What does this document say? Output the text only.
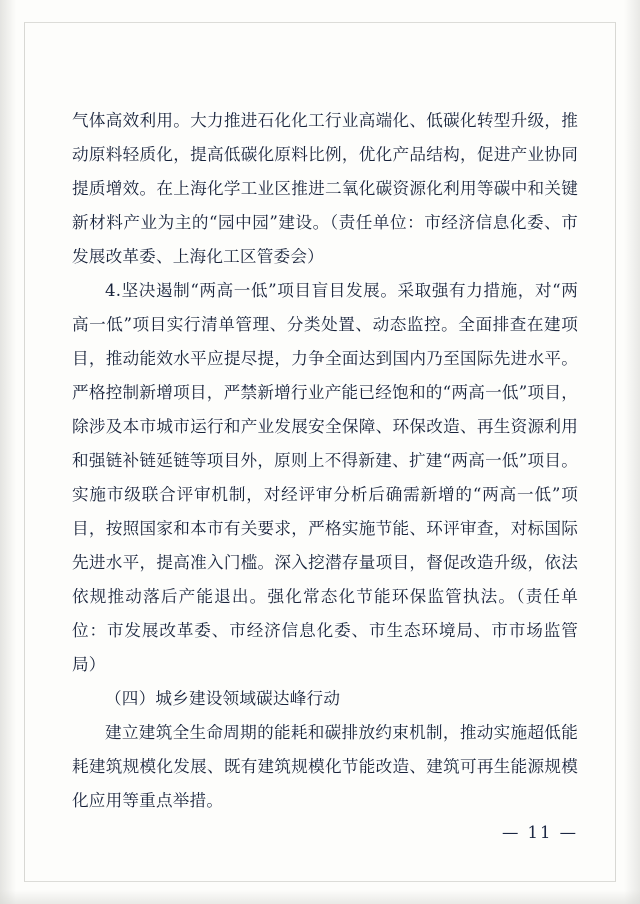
气体高效利用。大力推进石化化工行业高端化、低碳化转型升级，推动原料轻质化，提高低碳化原料比例，优化产品结构，促进产业协同提质增效。在上海化学工业区推进二氧化碳资源化利用等碳中和关键新材料产业为主的“园中园”建设。（责任单位：市经济信息化委、市发展改革委、上海化工区管委会）

4.坚决遏制“两高一低”项目盲目发展。采取强有力措施，对“两高一低”项目实行清单管理、分类处置、动态监控。全面排查在建项目，推动能效水平应提尽提，力争全面达到国内乃至国际先进水平。严格控制新增项目，严禁新增行业产能已经饱和的“两高一低”项目，除涉及本市城市运行和产业发展安全保障、环保改造、再生资源利用和强链补链延链等项目外，原则上不得新建、扩建“两高一低”项目。实施市级联合评审机制，对经评审分析后确需新增的“两高一低”项目，按照国家和本市有关要求，严格实施节能、环评审查，对标国际先进水平，提高准入门槛。深入挖潜存量项目，督促改造升级，依法依规推动落后产能退出。强化常态化节能环保监管执法。（责任单位：市发展改革委、市经济信息化委、市生态环境局、市市场监管局）

（四）城乡建设领域碳达峰行动

建立建筑全生命周期的能耗和碳排放约束机制，推动实施超低能耗建筑规模化发展、既有建筑规模化节能改造、建筑可再生能源规模化应用等重点举措。

— 11 —
